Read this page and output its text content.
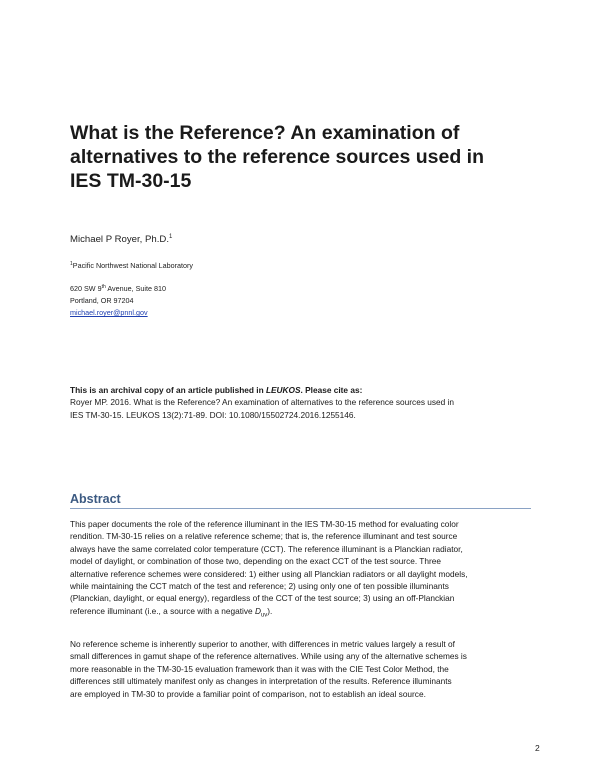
What is the Reference? An examination of
alternatives to the reference sources used in
IES TM-30-15
Michael P Royer, Ph.D.$^1$
$^1$Pacific Northwest National Laboratory
620 SW 9th Avenue, Suite 810
Portland, OR 97204
michael.royer@pnnl.gov
This is an archival copy of an article published in LEUKOS. Please cite as:
Royer MP. 2016. What is the Reference? An examination of alternatives to the reference sources used in
IES TM-30-15. LEUKOS 13(2):71-89. DOI: 10.1080/15502724.2016.1255146.
Abstract
This paper documents the role of the reference illuminant in the IES TM-30-15 method for evaluating color
rendition. TM-30-15 relies on a relative reference scheme; that is, the reference illuminant and test source
always have the same correlated color temperature (CCT). The reference illuminant is a Planckian radiator,
model of daylight, or combination of those two, depending on the exact CCT of the test source. Three
alternative reference schemes were considered: 1) either using all Planckian radiators or all daylight models,
while maintaining the CCT match of the test and reference; 2) using only one of ten possible illuminants
(Planckian, daylight, or equal energy), regardless of the CCT of the test source; 3) using an off-Planckian
reference illuminant (i.e., a source with a negative $D_{uv}$).
No reference scheme is inherently superior to another, with differences in metric values largely a result of
small differences in gamut shape of the reference alternatives. While using any of the alternative schemes is
more reasonable in the TM-30-15 evaluation framework than it was with the CIE Test Color Method, the
differences still ultimately manifest only as changes in interpretation of the results. Reference illuminants
are employed in TM-30 to provide a familiar point of comparison, not to establish an ideal source.
2
